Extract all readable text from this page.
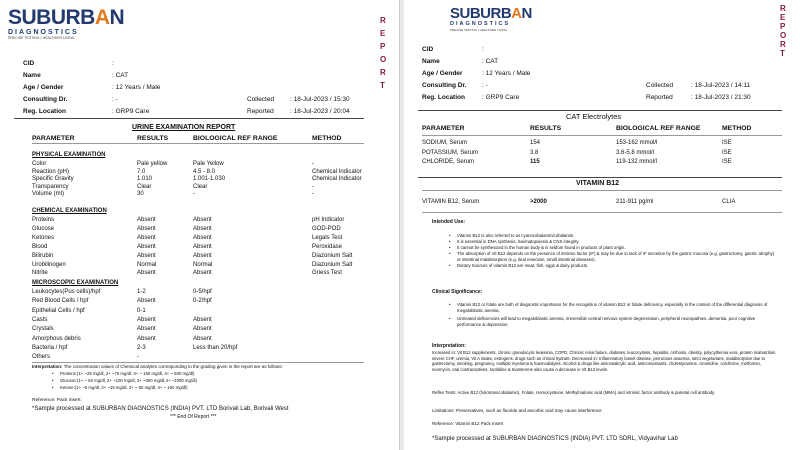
SUBURBAN
DIAGNOSTICS
PRECISE TESTING • HEALTHIER LIVING
R
E
P
O
R
T
CID	:
Name	: CAT
Age / Gender	: 12 Years / Male
Consulting Dr.	: -
Reg. Location	: GRP9 Care
Collected : 18-Jul-2023 / 15:30
Reported	: 18-Jul-2023 / 20:04
URINE EXAMINATION REPORT
PARAMETER	RESULTS	BIOLOGICAL REF RANGE	METHOD
PHYSICAL EXAMINATION
Color	Pale yellow	Pale Yellow	-
Reaction (pH)	7.0	4.5 - 8.0	Chemical Indicator
Specific Gravity	1.010	1.001-1.030	Chemical Indicator
Transparency	Clear	Clear	-
Volume (ml)	30	-	-
CHEMICAL EXAMINATION
Proteins	Absent	Absent	pH Indicator
Glucose	Absent	Absent	GOD-POD
Ketones	Absent	Absent	Legals Test
Blood	Absent	Absent	Peroxidase
Bilirubin	Absent	Absent	Diazonium Salt
Urobilinogen	Normal	Normal	Diazonium Salt
Nitrite	Absent	Absent	Griess Test
MICROSCOPIC EXAMINATION
Leukocytes(Pus cells)/hpf	1-2	0-5/hpf
Red Blood Cells / hpf	Absent	0-2/hpf
Epithelial Cells / hpf	0-1
Casts	Absent	Absent
Crystals	Absent	Absent
Amorphous debris	Absent	Absent
Bacteria / hpf	2-3	Less than 20/hpf
Others	-
Interpretation: The concentration values of Chemical analytes corresponding to the grading given in the report are as follows:
• Proteins:(1+ ~25 mg/dl, 2+ ~75 mg/dl, 3+ ~ 150 mg/dl, 4+ ~ 500 mg/dl)
• Glucose:(1+ ~ 50 mg/dl, 2+ ~100 mg/dl, 3+ ~300 mg/dl,4+ ~1000 mg/dl)
• Ketone:(1+ ~5 mg/dl, 2+ ~15 mg/dl, 3+ ~ 50 mg/dl, 4+ ~ 150 mg/dl)
Reference: Pack insert
*Sample processed at SUBURBAN DIAGNOSTICS (INDIA) PVT. LTD Borivali Lab, Borivali West
*** End Of Report ***
SUBURBAN
DIAGNOSTICS
PRECISE TESTING • HEALTHIER LIVING
R
E
P
O
R
T
CID	:
Name	: CAT
Age / Gender	: 12 Years / Male
Consulting Dr. : -
Reg. Location	: GRP9 Care
Collected	: 18-Jul-2023 / 14:11
Reported	: 18-Jul-2023 / 21:30
CAT Electrolytes
PARAMETER	RESULTS	BIOLOGICAL REF RANGE	METHOD
SODIUM, Serum	154	153-162 mmol/l	ISE
POTASSIUM, Serum	3.8	3.6-5.8 mmol/l	ISE
CHLORIDE, Serum	115	119-132 mmol/l	ISE
VITAMIN B12
VITAMIN B12, Serum	>2000	211-911 pg/ml	CLIA
Intended Use:
• Vitamin B12 is also referred to as cyanocobalamin/cobalamin.
• It is essential in DNA synthesis, haematopoiesis & CNS integrity.
• It cannot be synthesized in the human body & is seldom found in products of plant origin.
• The absorption of Vit B12 depends on the presence of intrinsic factor (IF) & may be due to lack of IF secretion by the gastric mucosa (e.g. gastrectomy, gastric atrophy) or intestinal malabsorption (e.g. ileal resection, small intestinal diseases).
• Dietary Sources of vitamin B12 are meat, fish, eggs & dairy products.
Clinical Significance:
• Vitamin B12 or folate are both of diagnostic importance for the recognition of vitamin B12 or folate deficiency, especially in the context of the differential diagnosis of megaloblastic anemia.
• Untreated deficiencies will lead to megaloblastic anemia, irreversible central nervous system degeneration, peripheral neuropathies, dementia, poor cognitive performance & depression.
Interpretation:
Increased in: Vit B12 supplements, chronic granulocytic leukemia, COPD, Chronic renal failure, diabetes, leucocytosis, hepatitis, cirrhosis, obesity, polycythemia vera, protein malnutrition, severe CHF, uremia, Vit A intake, estrogens, drugs such as chloral hydrate. Decreased in: Inflammatory bowel disease, pernicious anaemia, strict vegetarians, malabsorption due to gastrectomy, smoking, pregnancy, multiple myeloma & haemodialysis. Alcohol & drugs like aminosalicylic acid, anticonvulsants, cholestyramine, cimetidine, colchicine, metformin, neomycin, oral contraceptives, ranitidine & triamterene also cause a decrease in Vit B12 levels.
Reflex Tests: Active B12 (holotranscobalamin), Folate, Homocysteine, Methylmalonic acid (MMA) and intrinsic factor antibody & parietal cell antibody.
Limitations: Preservatives, such as fluoride and ascorbic acid may cause interference
Reference: Vitamin B12 Pack Insert
*Sample processed at SUBURBAN DIAGNOSTICS (INDIA) PVT. LTD SDRL, Vidyavihar Lab
